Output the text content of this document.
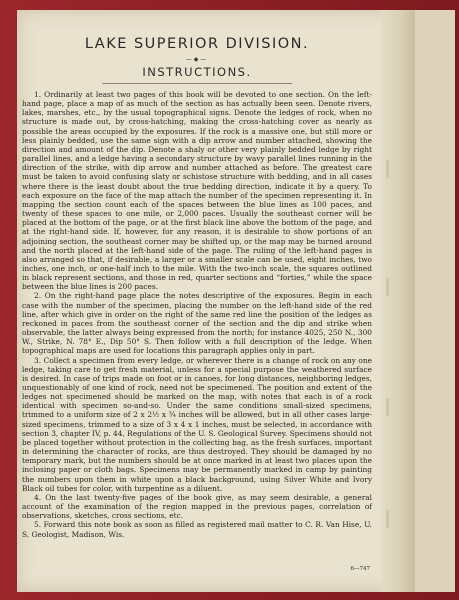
LAKE SUPERIOR DIVISION.
—◆—
INSTRUCTIONS.

1. Ordinarily at least two pages of this book will be devoted to one section. On the left-hand page, place a map of as much of the section as has actually been seen. Denote rivers, lakes, marshes, etc., by the usual topographical signs. Denote the ledges of rock, when no structure is made out, by cross-hatching, making the cross-hatching cover as nearly as possible the areas occupied by the exposures. If the rock is a massive one, but still more or less plainly bedded, use the same sign with a dip arrow and number attached, showing the direction and amount of the dip. Denote a shaly or other very plainly bedded ledge by right parallel lines, and a ledge having a secondary structure by wavy parallel lines running in the direction of the strike, with dip arrow and number attached as before. The greatest care must be taken to avoid confusing slaty or schistose structure with bedding, and in all cases where there is the least doubt about the true bedding direction, indicate it by a query. To each exposure on the face of the map attach the number of the specimen representing it. In mapping the section count each of the spaces between the blue lines as 100 paces, and twenty of these spaces to one mile, or 2,000 paces. Usually the southeast corner will be placed at the bottom of the page, or at the first black line above the bottom of the page, and at the right-hand side. If, however, for any reason, it is desirable to show portions of an adjoining section, the southeast corner may be shifted up, or the map may be turned around and the north placed at the left-hand side of the page. The ruling of the left-hand pages is also arranged so that, if desirable, a larger or a smaller scale can be used, eight inches, two inches, one inch, or one-half inch to the mile. With the two-inch scale, the squares outlined in black represent sections, and those in red, quarter sections and “forties,” while the space between the blue lines is 200 paces.

2. On the right-hand page place the notes descriptive of the exposures. Begin in each case with the number of the specimen, placing the number on the left-hand side of the red line, after which give in order on the right of the same red line the position of the ledges as reckoned in paces from the southeast corner of the section and the dip and strike when observable, the latter always being expressed from the north; for instance 4025, 250 N., 300 W., Strike, N. 78° E., Dip 50° S. Then follow with a full description of the ledge. When topographical maps are used for locations this paragraph applies only in part.

3. Collect a specimen from every ledge, or wherever there is a change of rock on any one ledge, taking care to get fresh material, unless for a special purpose the weathered surface is desired. In case of trips made on foot or in canoes, for long distances, neighboring ledges, unquestionably of one kind of rock, need not be specimened. The position and extent of the ledges not specimened should be marked on the map, with notes that each is of a rock identical with specimen so-and-so. Under the same conditions small-sized specimens, trimmed to a uniform size of 2 x 2½ x ¾ inches will be allowed, but in all other cases large-sized specimens, trimmed to a size of 3 x 4 x 1 inches, must be selected, in accordance with section 3, chapter IV, p. 44, Regulations of the U. S. Geological Survey. Specimens should not be placed together without protection in the collecting bag, as the fresh surfaces, important in determining the character of rocks, are thus destroyed. They should be damaged by no temporary mark, but the numbers should be at once marked in at least two places upon the inclosing paper or cloth bags. Specimens may be permanently marked in camp by painting the numbers upon them in white upon a black background, using Silver White and Ivory Black oil tubes for color, with turpentine as a diluent.

4. On the last twenty-five pages of the book give, as may seem desirable, a general account of the examination of the region mapped in the previous pages, correlation of observations, sketches, cross sections, etc.

5. Forward this note book as soon as filled as registered mail matter to C. R. Van Hise, U. S. Geologist, Madison, Wis.

6—747
